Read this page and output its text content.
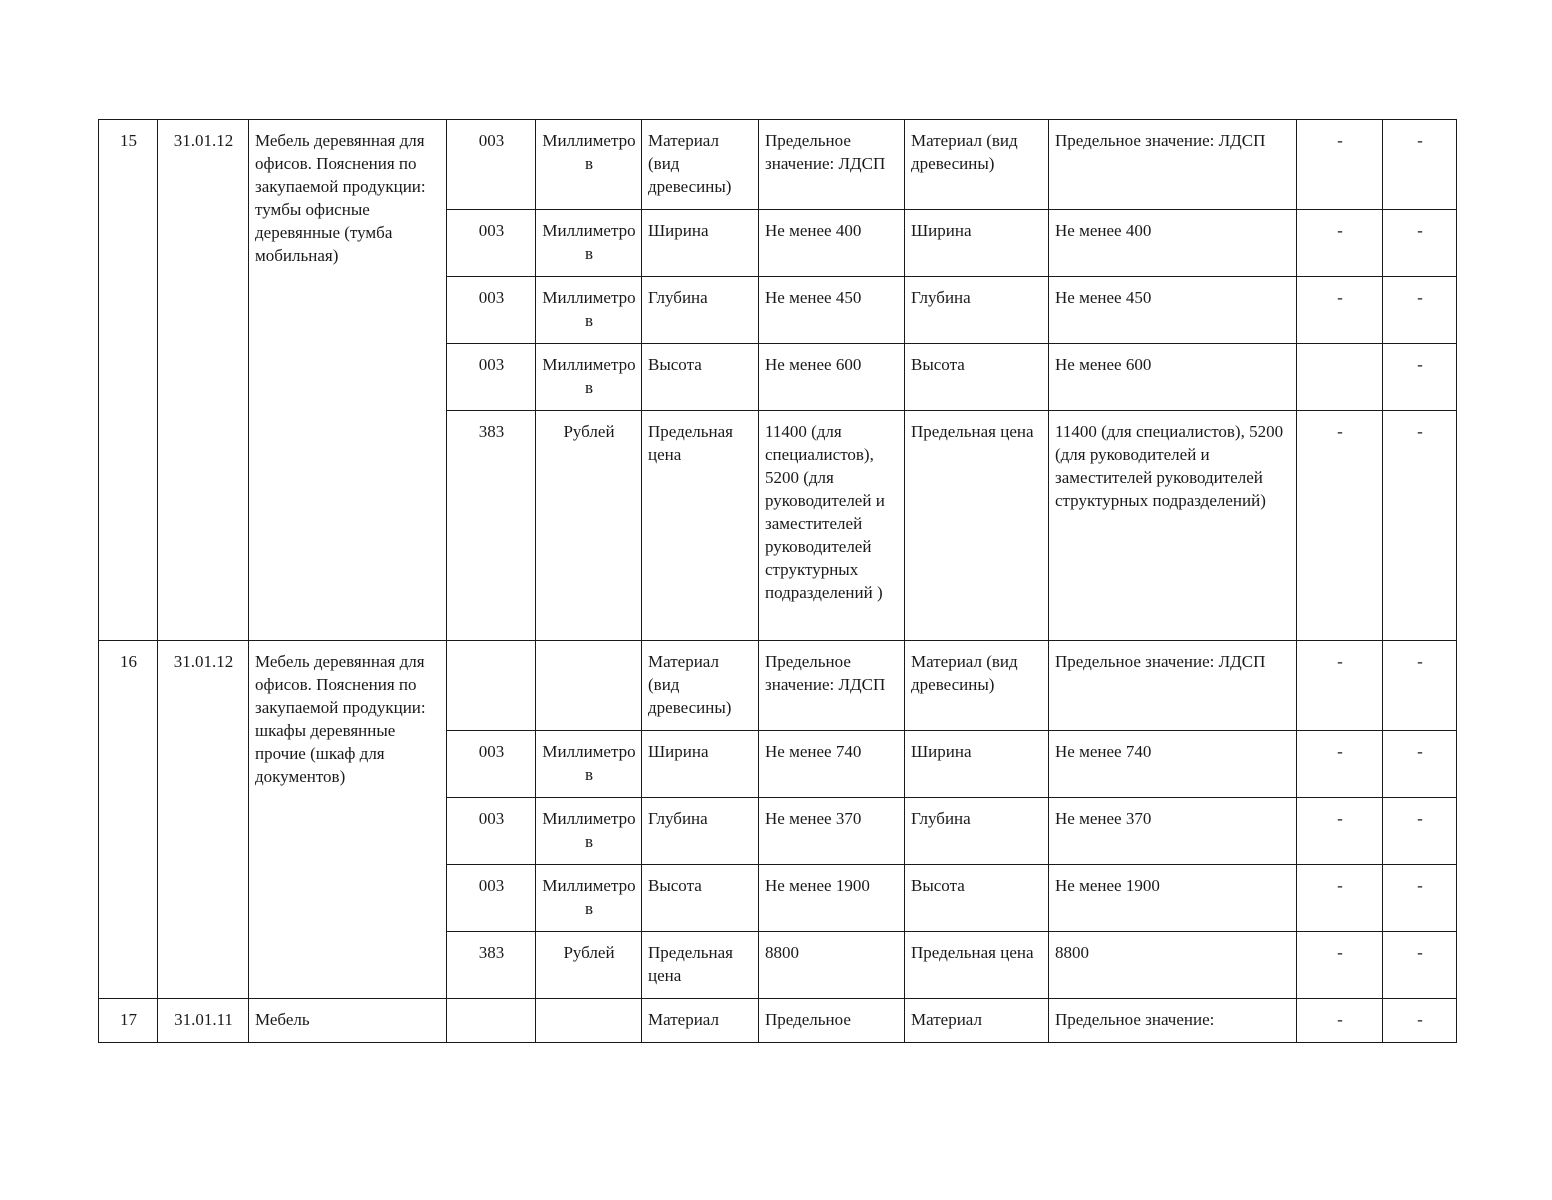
15	31.01.12	Мебель деревянная для офисов. Пояснения по закупаемой продукции: тумбы офисные деревянные (тумба мобильная)	003	Миллиметров	Материал (вид древесины)	Предельное значение: ЛДСП	Материал (вид древесины)	Предельное значение: ЛДСП	-	-
			003	Миллиметров	Ширина	Не менее 400	Ширина	Не менее 400	-	-
			003	Миллиметров	Глубина	Не менее 450	Глубина	Не менее 450	-	-
			003	Миллиметров	Высота	Не менее 600	Высота	Не менее 600		-
			383	Рублей	Предельная цена	11400 (для специалистов), 5200 (для руководителей и заместителей руководителей структурных подразделений )	Предельная цена	11400 (для специалистов), 5200 (для руководителей и заместителей руководителей структурных подразделений)	-	-
16	31.01.12	Мебель деревянная для офисов. Пояснения по закупаемой продукции: шкафы деревянные прочие (шкаф для документов)			Материал (вид древесины)	Предельное значение: ЛДСП	Материал (вид древесины)	Предельное значение: ЛДСП	-	-
			003	Миллиметров	Ширина	Не менее 740	Ширина	Не менее 740	-	-
			003	Миллиметров	Глубина	Не менее 370	Глубина	Не менее 370	-	-
			003	Миллиметров	Высота	Не менее 1900	Высота	Не менее 1900	-	-
			383	Рублей	Предельная цена	8800	Предельная цена	8800	-	-
17	31.01.11	Мебель			Материал	Предельное	Материал	Предельное значение:	-	-
